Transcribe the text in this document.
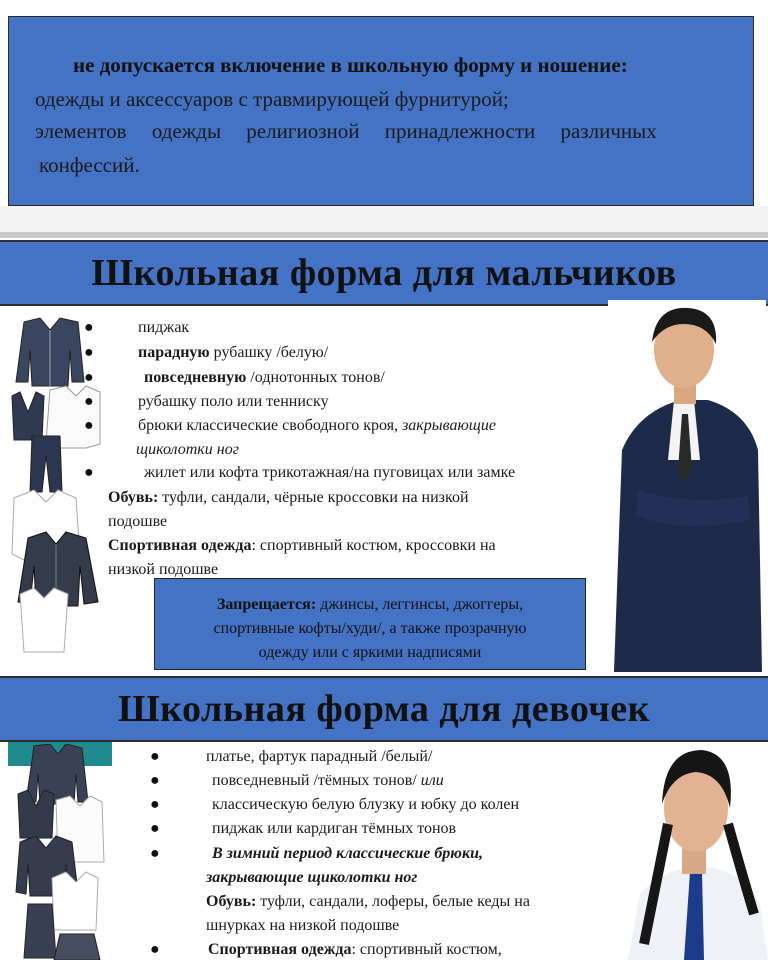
не допускается включение в школьную форму и ношение:
одежды и аксессуаров с травмирующей фурнитурой;
элементов одежды религиозной принадлежности различных
конфессий.
Школьная форма для мальчиков
●	пиджак
●	парадную рубашку /белую/
●	повседневную /однотонных тонов/
●	рубашку поло или тенниску
●	брюки классические свободного кроя, закрывающие
щиколотки ног
●	жилет или кофта трикотажная/на пуговицах или замке
Обувь: туфли, сандали, чёрные кроссовки на низкой
подошве
Спортивная одежда: спортивный костюм, кроссовки на
низкой подошве
Запрещается: джинсы, леггинсы, джоггеры,
спортивные кофты/худи/, а также прозрачную
одежду или с яркими надписями
Школьная форма для девочек
●	платье, фартук парадный /белый/
●	повседневный /тёмных тонов/ или
●	классическую белую блузку и юбку до колен
●	пиджак или кардиган тёмных тонов
●	В зимний период классические брюки,
закрывающие щиколотки ног
Обувь: туфли, сандали, лоферы, белые кеды на
шнурках на низкой подошве
●	Спортивная одежда: спортивный костюм,
